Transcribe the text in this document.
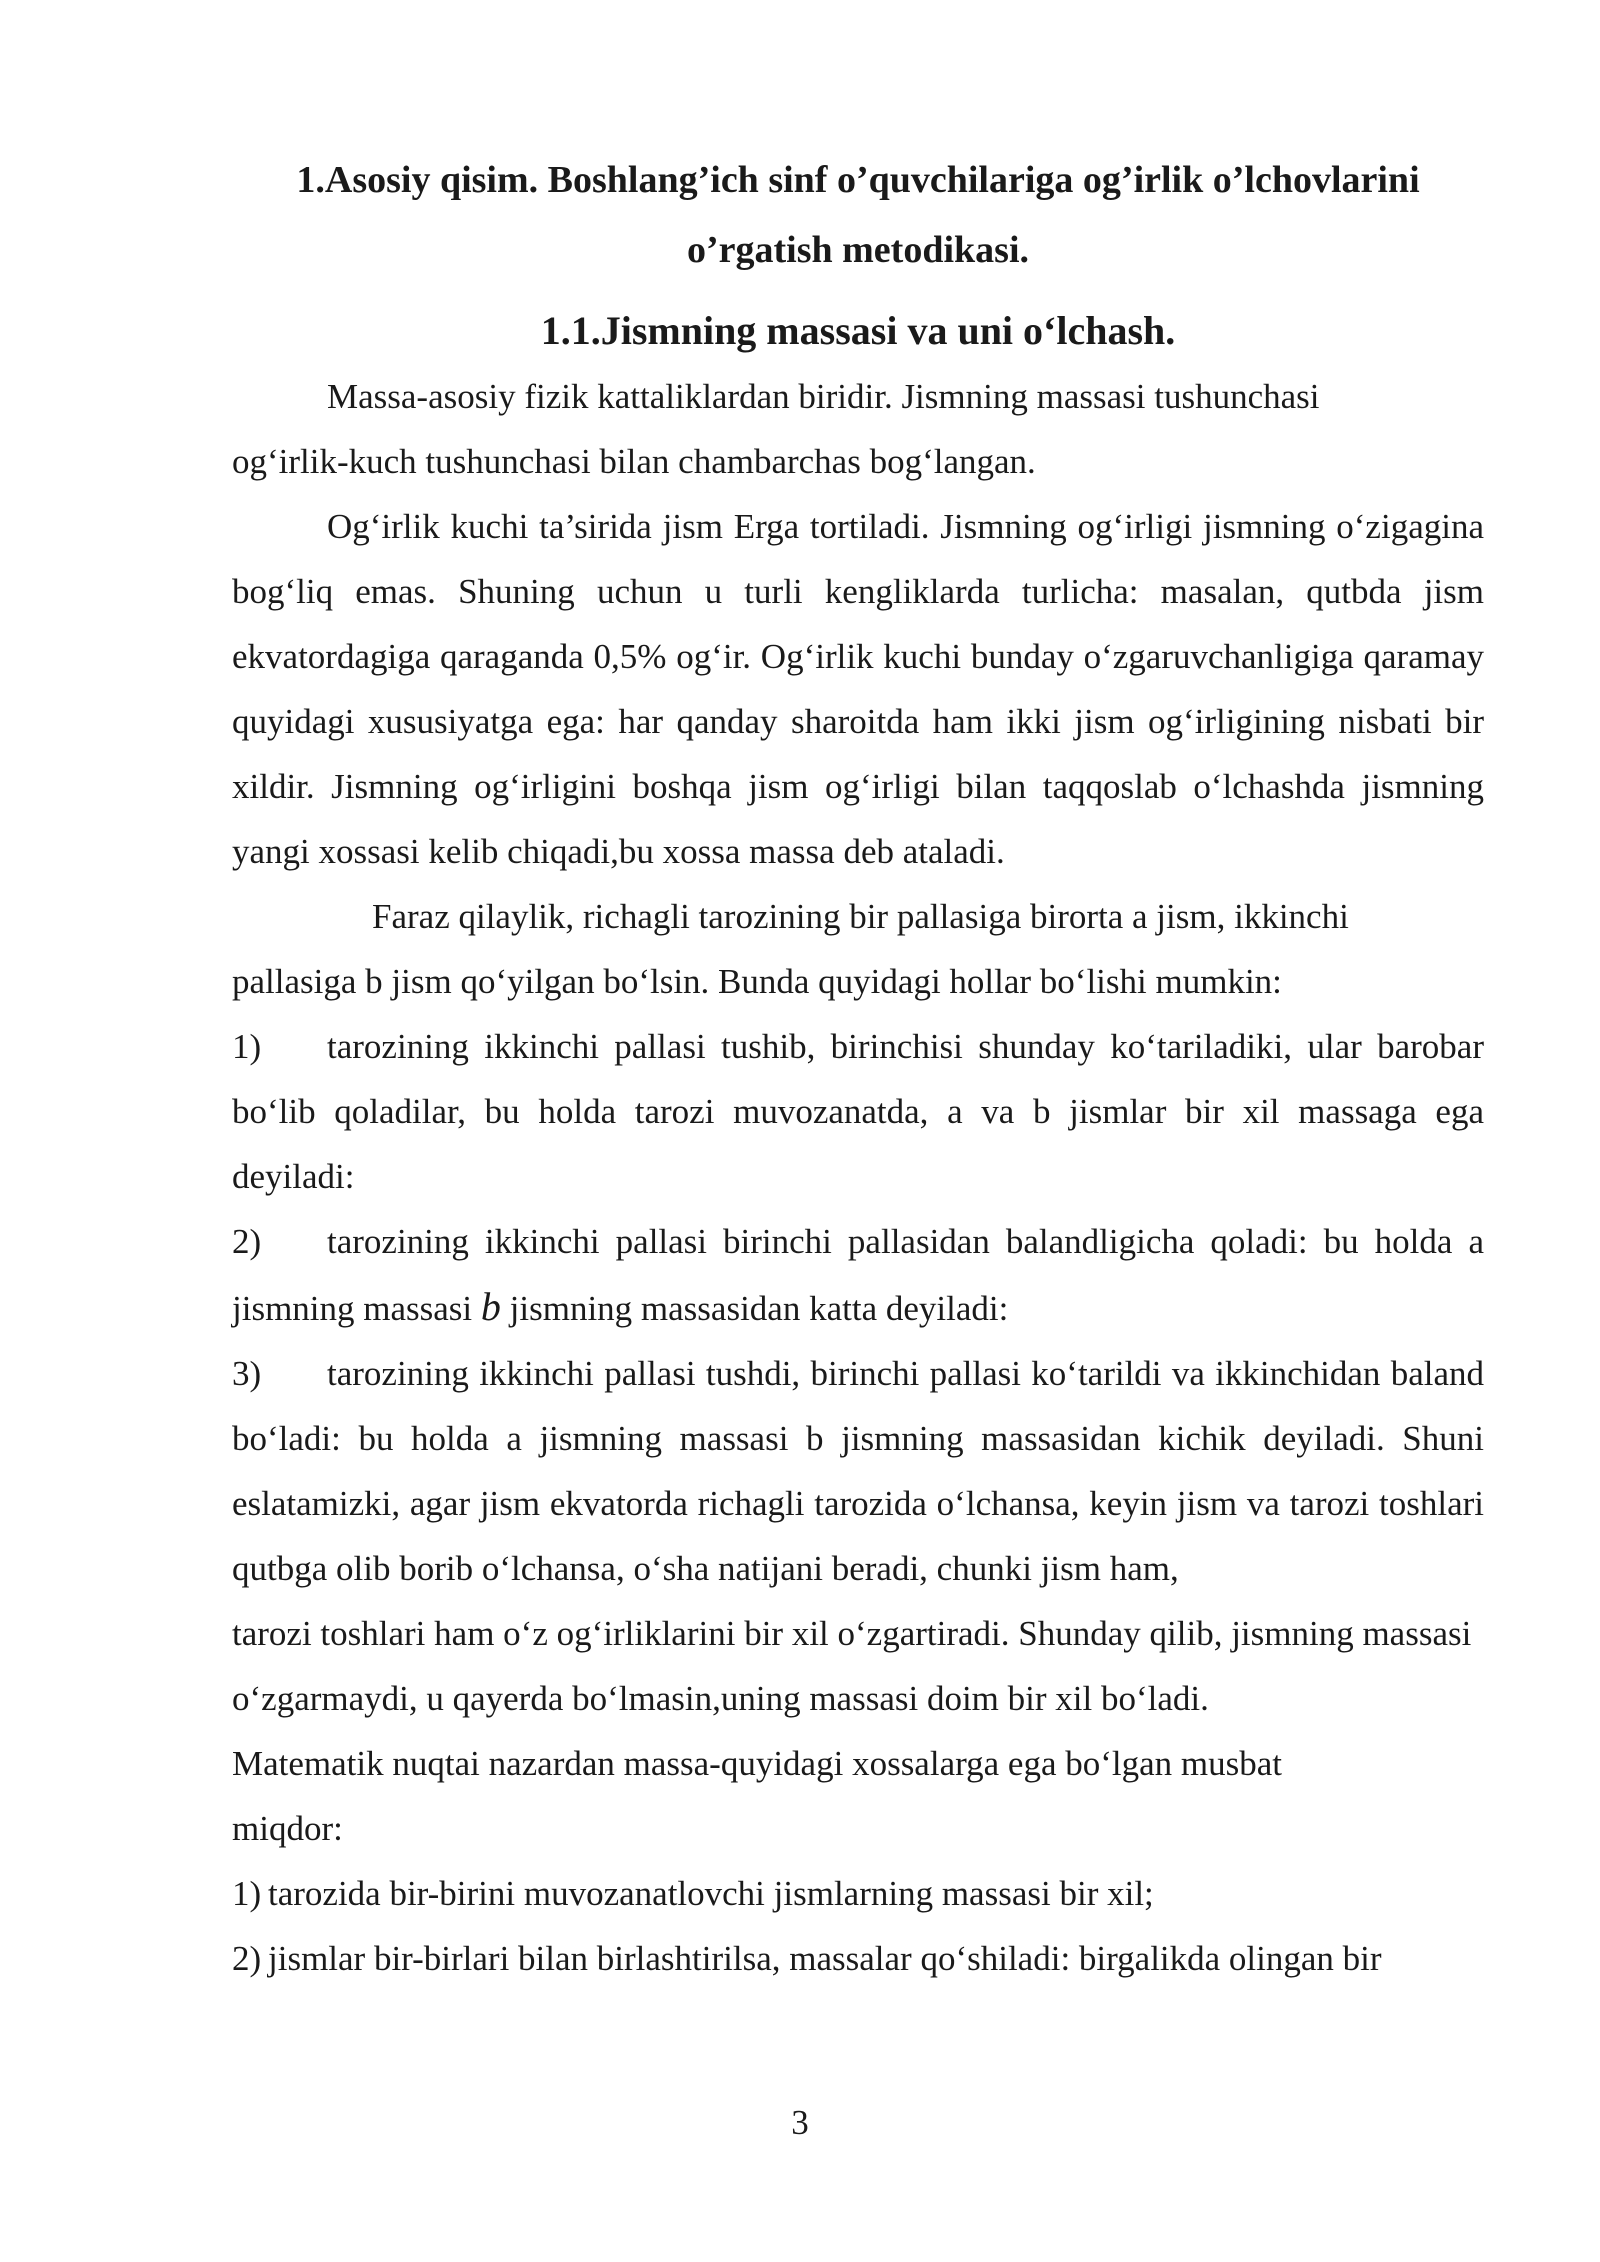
1.Asosiy qisim. Boshlang’ich sinf o’quvchilariga og’irlik o’lchovlarini
o’rgatish metodikasi.
1.1.Jismning massasi va uni o‘lchash.

Massa-asosiy fizik kattaliklardan biridir. Jismning massasi tushunchasi

og‘irlik-kuch tushunchasi bilan chambarchas bog‘langan.

Og‘irlik kuchi ta’sirida jism Erga tortiladi. Jismning og‘irligi jismning o‘zigagina bog‘liq emas. Shuning uchun u turli kengliklarda turlicha: masalan, qutbda jism ekvatordagiga qaraganda 0,5% og‘ir. Og‘irlik kuchi bunday o‘zgaruvchanligiga qaramay quyidagi xususiyatga ega: har qanday sharoitda ham ikki jism og‘irligining nisbati bir xildir. Jismning og‘irligini boshqa jism og‘irligi bilan taqqoslab o‘lchashda jismning yangi xossasi kelib chiqadi,bu xossa massa deb ataladi.

Faraz qilaylik, richagli tarozining bir pallasiga birorta a jism, ikkinchi

pallasiga b jism qo‘yilgan bo‘lsin. Bunda quyidagi hollar bo‘lishi mumkin:

1) tarozining ikkinchi pallasi tushib, birinchisi shunday ko‘tariladiki, ular barobar bo‘lib qoladilar, bu holda tarozi muvozanatda, a va b jismlar bir xil massaga ega deyiladi:

2) tarozining ikkinchi pallasi birinchi pallasidan balandligicha qoladi: bu holda a jismning massasi b jismning massasidan katta deyiladi:

3) tarozining ikkinchi pallasi tushdi, birinchi pallasi ko‘tarildi va ikkinchidan baland bo‘ladi: bu holda a jismning massasi b jismning massasidan kichik deyiladi. Shuni eslatamizki, agar jism ekvatorda richagli tarozida o‘lchansa, keyin jism va tarozi toshlari qutbga olib borib o‘lchansa, o‘sha natijani beradi, chunki jism ham,

tarozi toshlari ham o‘z og‘irliklarini bir xil o‘zgartiradi. Shunday qilib, jismning massasi o‘zgarmaydi, u qayerda bo‘lmasin,uning massasi doim bir xil bo‘ladi.

Matematik nuqtai nazardan massa-quyidagi xossalarga ega bo‘lgan musbat

miqdor:

1) tarozida bir-birini muvozanatlovchi jismlarning massasi bir xil;

2) jismlar bir-birlari bilan birlashtirilsa, massalar qo‘shiladi: birgalikda olingan bir

3
